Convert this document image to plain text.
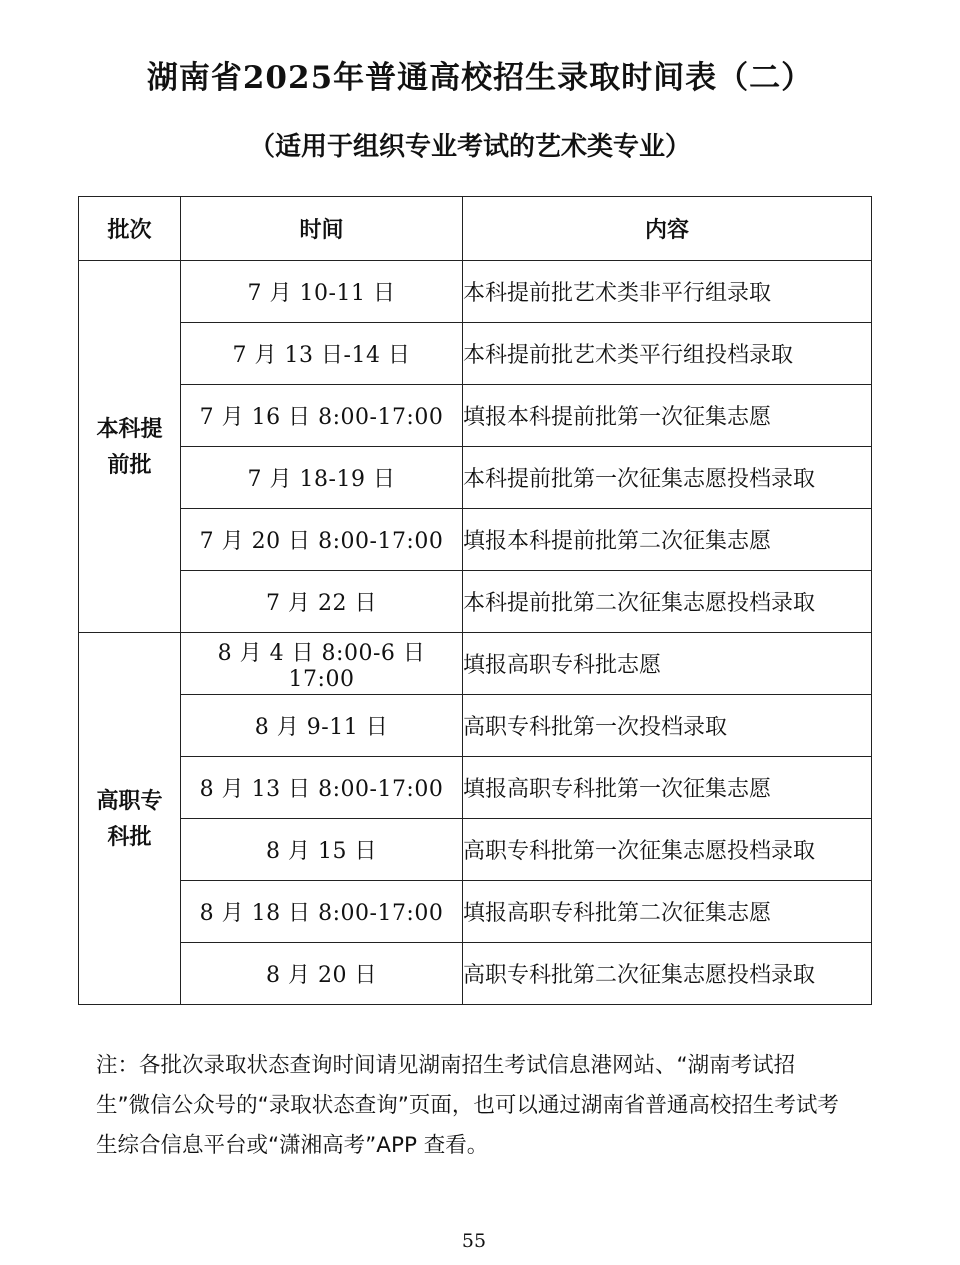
湖南省2025年普通高校招生录取时间表（二）
（适用于组织专业考试的艺术类专业）
批次	时间	内容
本科提前批	7 月 10-11 日	本科提前批艺术类非平行组录取
	7 月 13 日-14 日	本科提前批艺术类平行组投档录取
	7 月 16 日 8:00-17:00	填报本科提前批第一次征集志愿
	7 月 18-19 日	本科提前批第一次征集志愿投档录取
	7 月 20 日 8:00-17:00	填报本科提前批第二次征集志愿
	7 月 22 日	本科提前批第二次征集志愿投档录取
高职专科批	8 月 4 日 8:00-6 日 17:00	填报高职专科批志愿
	8 月 9-11 日	高职专科批第一次投档录取
	8 月 13 日 8:00-17:00	填报高职专科批第一次征集志愿
	8 月 15 日	高职专科批第一次征集志愿投档录取
	8 月 18 日 8:00-17:00	填报高职专科批第二次征集志愿
	8 月 20 日	高职专科批第二次征集志愿投档录取
注：各批次录取状态查询时间请见湖南招生考试信息港网站、“湖南考试招生”微信公众号的“录取状态查询”页面，也可以通过湖南省普通高校招生考试考生综合信息平台或“潇湘高考”APP 查看。
55
